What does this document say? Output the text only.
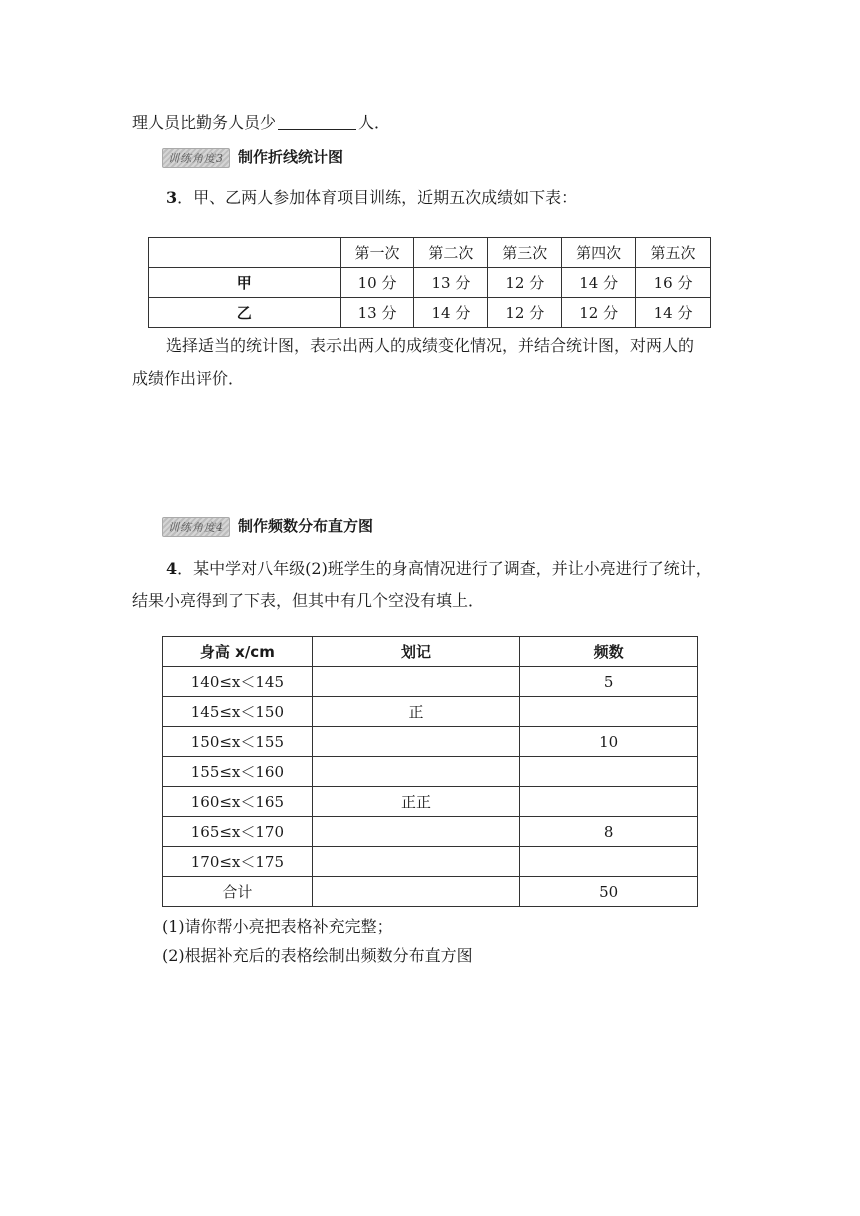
理人员比勤务人员少	人．
训练角度3 制作折线统计图
3．甲、乙两人参加体育项目训练，近期五次成绩如下表：
	第一次	第二次	第三次	第四次	第五次
甲	10 分	13 分	12 分	14 分	16 分
乙	13 分	14 分	12 分	12 分	14 分
选择适当的统计图，表示出两人的成绩变化情况，并结合统计图，对两人的
成绩作出评价．
训练角度4 制作频数分布直方图
4．某中学对八年级(2)班学生的身高情况进行了调查，并让小亮进行了统计，
结果小亮得到了下表，但其中有几个空没有填上．
身高 x/cm	划记	频数
140≤x＜145		5
145≤x＜150	正	
150≤x＜155		10
155≤x＜160		
160≤x＜165	正正	
165≤x＜170		8
170≤x＜175		
合计		50
(1)请你帮小亮把表格补充完整；
(2)根据补充后的表格绘制出频数分布直方图
